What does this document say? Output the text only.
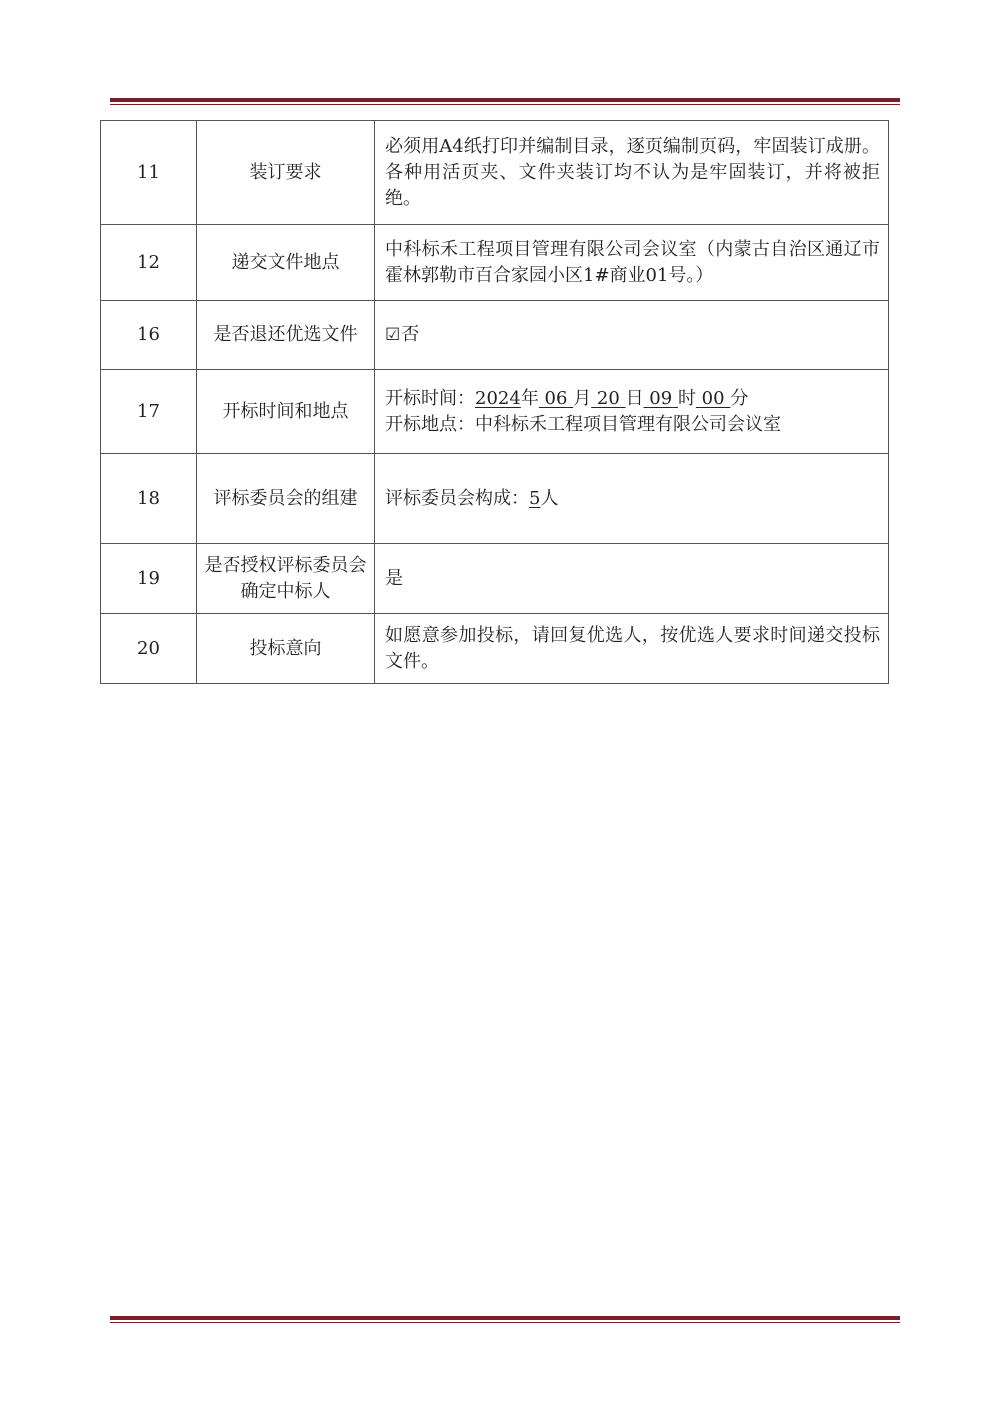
11	装订要求	必须用A4纸打印并编制目录，逐页编制页码，牢固装订成册。各种用活页夹、文件夹装订均不认为是牢固装订，并将被拒绝。
12	递交文件地点	中科标禾工程项目管理有限公司会议室（内蒙古自治区通辽市霍林郭勒市百合家园小区1#商业01号。）
16	是否退还优选文件	☑否
17	开标时间和地点	开标时间：2024年 06 月 20 日 09 时 00 分
开标地点：中科标禾工程项目管理有限公司会议室

18	评标委员会的组建	评标委员会构成：5人
19	是否授权评标委员会确定中标人	是
20	投标意向	如愿意参加投标，请回复优选人，按优选人要求时间递交投标文件。
